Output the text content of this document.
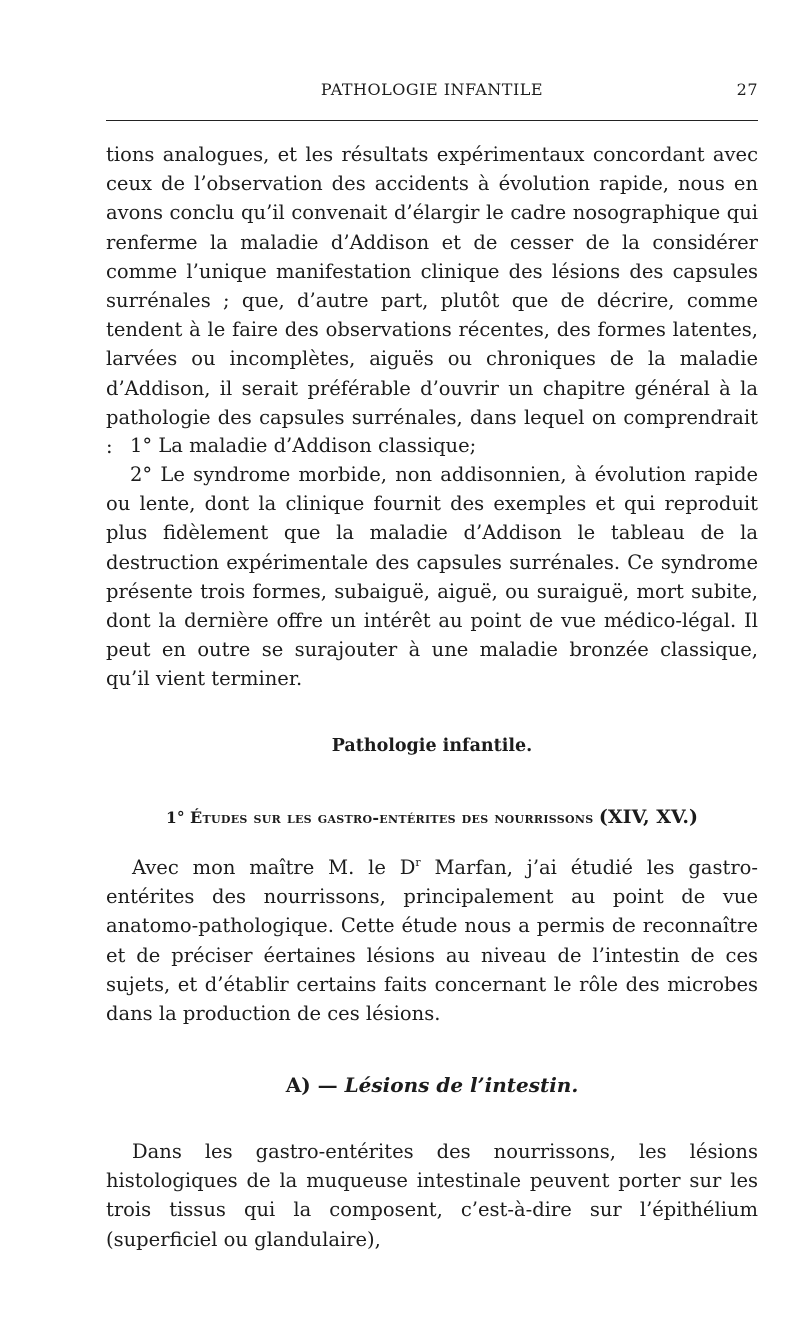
PATHOLOGIE INFANTILE	27

tions analogues, et les résultats expérimentaux concordant avec ceux de l’observation des accidents à évolution rapide, nous en avons conclu qu’il convenait d’élargir le cadre nosographique qui renferme la maladie d’Addison et de cesser de la considérer comme l’unique manifestation clinique des lésions des capsules surrénales ; que, d’autre part, plutôt que de décrire, comme tendent à le faire des observations récentes, des formes latentes, larvées ou incomplètes, aiguës ou chroniques de la maladie d’Addison, il serait préférable d’ouvrir un chapitre général à la pathologie des capsules surrénales, dans lequel on comprendrait : 1° La maladie d’Addison classique;

2° Le syndrome morbide, non addisonnien, à évolution rapide ou lente, dont la clinique fournit des exemples et qui reproduit plus fidèlement que la maladie d’Addison le tableau de la destruction expérimentale des capsules surrénales. Ce syndrome présente trois formes, subaiguë, aiguë, ou suraiguë, mort subite, dont la dernière offre un intérêt au point de vue médico-légal. Il peut en outre se surajouter à une maladie bronzée classique, qu’il vient terminer.

Pathologie infantile.
1° Études sur les gastro-entérites des nourrissons (XIV, XV.)

Avec mon maître M. le $D^r$ Marfan, j’ai étudié les gastro-entérites des nourrissons, principalement au point de vue anatomo-pathologique. Cette étude nous a permis de reconnaître et de préciser éertaines lésions au niveau de l’intestin de ces sujets, et d’établir certains faits concernant le rôle des microbes dans la production de ces lésions.

A) — Lésions de l’intestin.

Dans les gastro-entérites des nourrissons, les lésions histologiques de la muqueuse intestinale peuvent porter sur les trois tissus qui la composent, c’est-à-dire sur l’épithélium (superficiel ou glandulaire),
